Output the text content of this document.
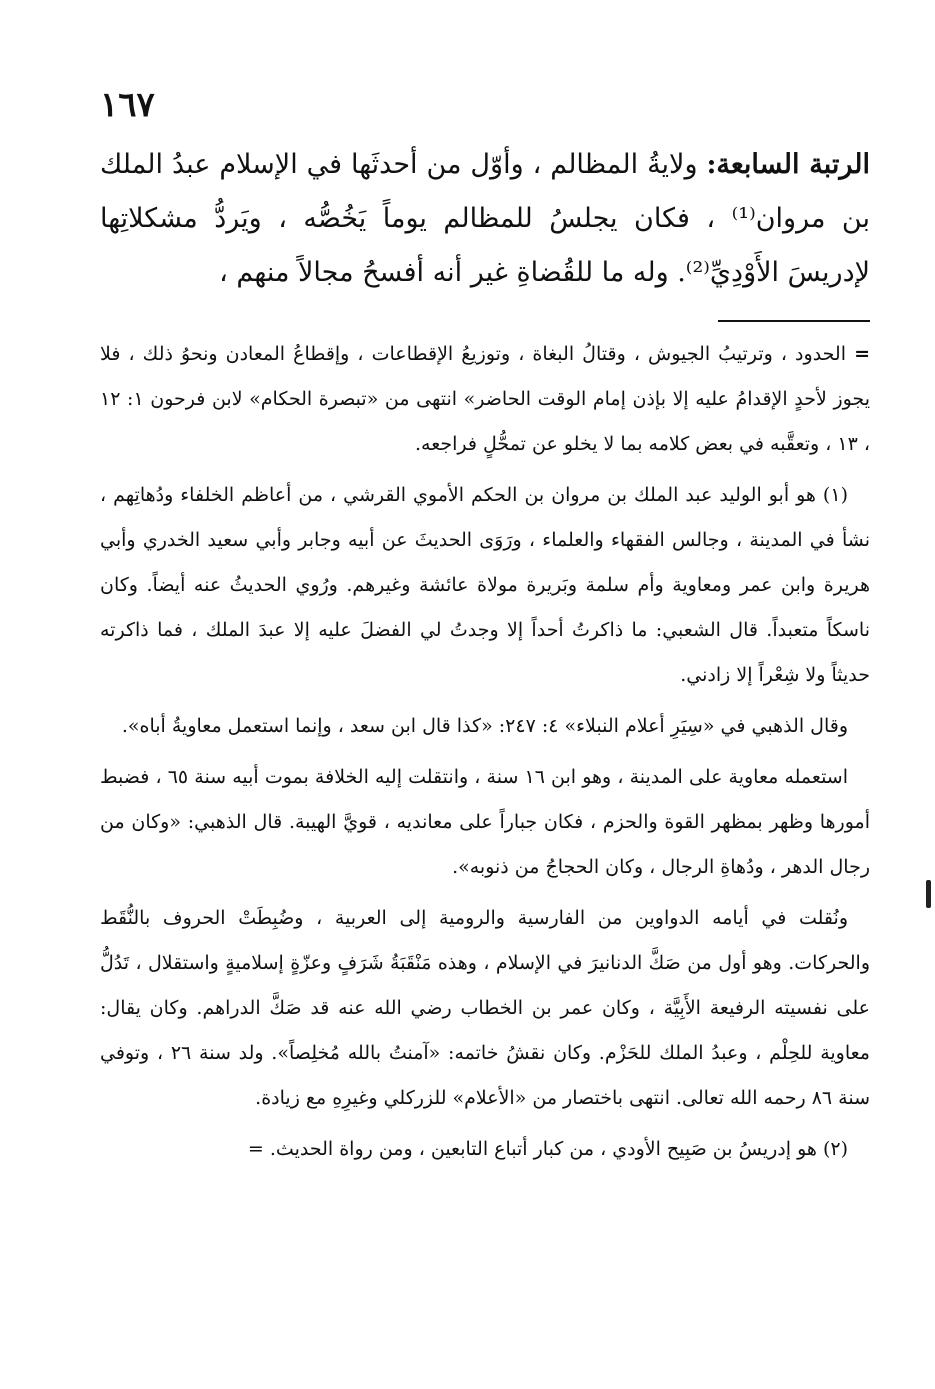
١٦٧

الرتبة السابعة: ولايةُ المظالم ، وأوّل من أحدثَها في الإسلام عبدُ الملك بن مروان⁽¹⁾ ، فكان يجلسُ للمظالم يوماً يَخُصُّه ، ويَردُّ مشكلاتِها لإدريسَ الأَوْدِيِّ⁽²⁾. وله ما للقُضاةِ غير أنه أفسحُ مجالاً منهم ،

= الحدود ، وترتيبُ الجيوش ، وقتالُ البغاة ، وتوزيعُ الإقطاعات ، وإقطاعُ المعادن ونحوُ ذلك ، فلا يجوز لأحدٍ الإقدامُ عليه إلا بإذن إمام الوقت الحاضر» انتهى من «تبصرة الحكام» لابن فرحون ١: ١٢ ، ١٣ ، وتعقَّبه في بعض كلامه بما لا يخلو عن تمحُّلٍ فراجعه.

(١) هو أبو الوليد عبد الملك بن مروان بن الحكم الأموي القرشي ، من أعاظم الخلفاء ودُهاتِهم ، نشأ في المدينة ، وجالس الفقهاء والعلماء ، ورَوَى الحديثَ عن أبيه وجابر وأبي سعيد الخدري وأبي هريرة وابن عمر ومعاوية وأم سلمة وبَريرة مولاة عائشة وغيرهم. ورُوي الحديثُ عنه أيضاً. وكان ناسكاً متعبداً. قال الشعبي: ما ذاكرتُ أحداً إلا وجدتُ لي الفضلَ عليه إلا عبدَ الملك ، فما ذاكرته حديثاً ولا شِعْراً إلا زادني.

وقال الذهبي في «سِيَرِ أعلام النبلاء» ٤: ٢٤٧: «كذا قال ابن سعد ، وإنما استعمل معاويةُ أباه».

استعمله معاوية على المدينة ، وهو ابن ١٦ سنة ، وانتقلت إليه الخلافة بموت أبيه سنة ٦٥ ، فضبط أمورها وظهر بمظهر القوة والحزم ، فكان جباراً على معانديه ، قويَّ الهيبة. قال الذهبي: «وكان من رجال الدهر ، ودُهاةِ الرجال ، وكان الحجاجُ من ذنوبه».

ونُقلت في أيامه الدواوين من الفارسية والرومية إلى العربية ، وضُبِطَتْ الحروف بالنُّقَط والحركات. وهو أول من صَكَّ الدنانيرَ في الإسلام ، وهذه مَنْقَبَةُ شَرَفٍ وعزّةٍ إسلاميةٍ واستقلال ، تَدُلُّ على نفسيته الرفيعة الأَبِيَّة ، وكان عمر بن الخطاب رضي الله عنه قد صَكَّ الدراهم. وكان يقال: معاوية للحِلْم ، وعبدُ الملك للحَزْم. وكان نقشُ خاتمه: «آمنتُ بالله مُخلِصاً». ولد سنة ٢٦ ، وتوفي سنة ٨٦ رحمه الله تعالى. انتهى باختصار من «الأعلام» للزركلي وغيرِهِ مع زيادة.

(٢) هو إدريسُ بن صَبِيح الأودي ، من كبار أتباع التابعين ، ومن رواة الحديث. =
